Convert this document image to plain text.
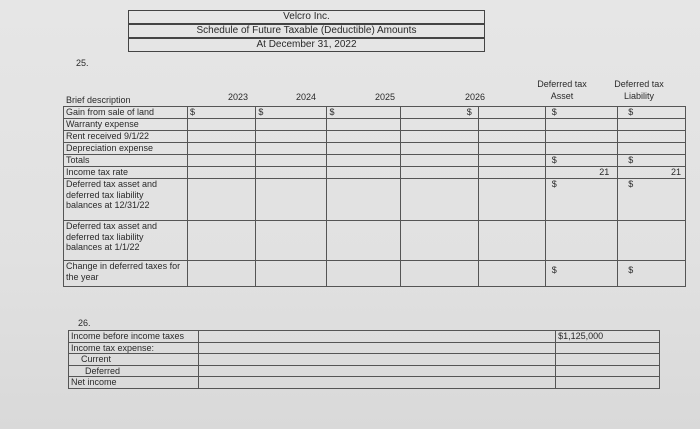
Velcro Inc.
Schedule of Future Taxable (Deductible) Amounts
At December 31, 2022
25.
2023	2024	2025	2026
Deferred tax
Asset
Deferred tax
Liability
Brief description
Gain from sale of land	$	$	$	$		$	$
Warranty expense							
Rent received 9/1/22							
Depreciation expense							
Totals						$	$
Income tax rate						21	21

Deferred tax asset and
deferred tax liability
balances at 12/31/22						$	$

Deferred tax asset and
deferred tax liability
balances at 1/1/22							

Change in deferred taxes for
the year						$	$
26.
Income before income taxes		$1,125,000
Income tax expense:		
Current		
Deferred		
Net income		
